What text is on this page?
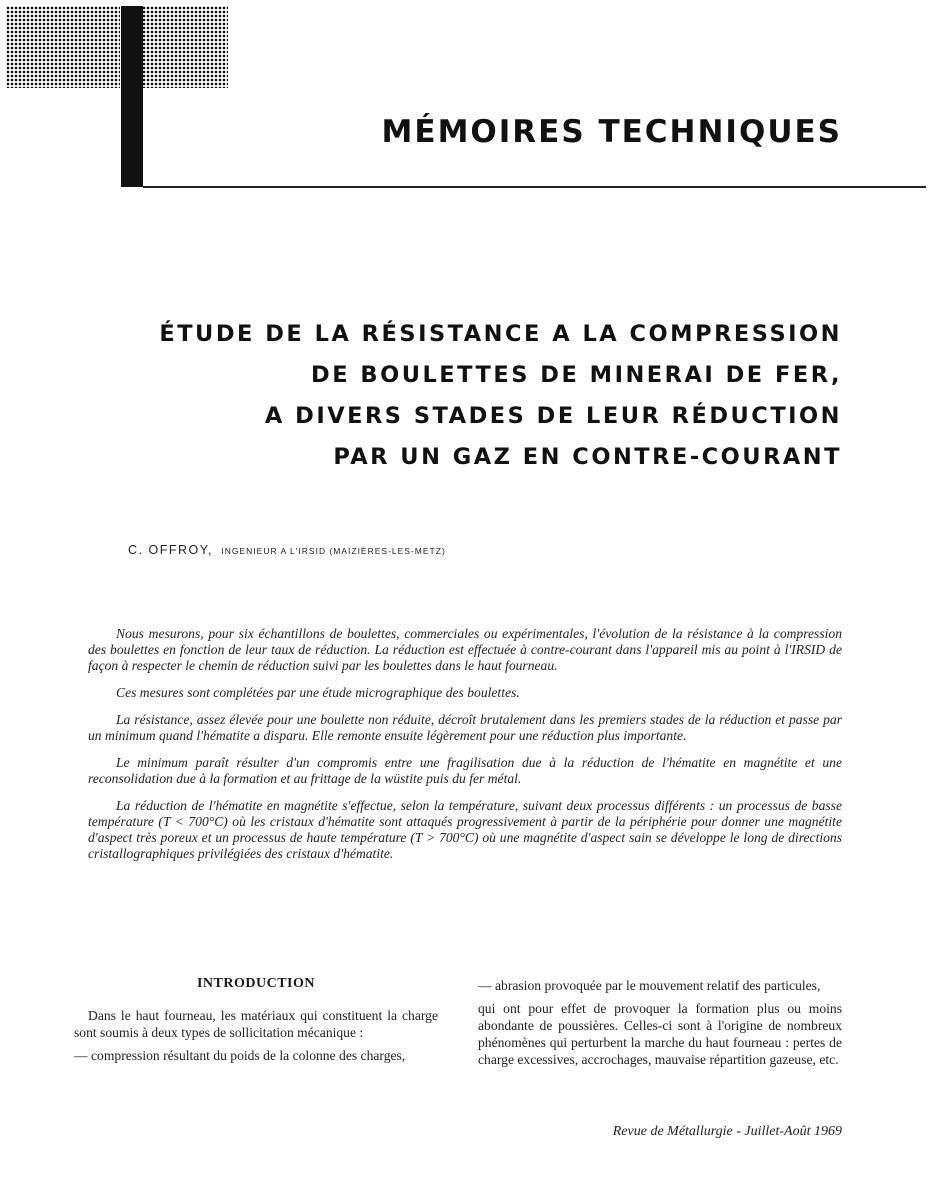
MÉMOIRES TECHNIQUES
ÉTUDE DE LA RÉSISTANCE A LA COMPRESSION
DE BOULETTES DE MINERAI DE FER,
A DIVERS STADES DE LEUR RÉDUCTION
PAR UN GAZ EN CONTRE-COURANT
C. OFFROY, INGENIEUR A L'IRSID (MAIZIÈRES-LES-METZ)

Nous mesurons, pour six échantillons de boulettes, commerciales ou expérimentales, l'évolution de la résistance à la compression des boulettes en fonction de leur taux de réduction. La réduction est effectuée à contre-courant dans l'appareil mis au point à l'IRSID de façon à respecter le chemin de réduction suivi par les boulettes dans le haut fourneau.

Ces mesures sont complétées par une étude micrographique des boulettes.

La résistance, assez élevée pour une boulette non réduite, décroît brutalement dans les premiers stades de la réduction et passe par un minimum quand l'hématite a disparu. Elle remonte ensuite légèrement pour une réduction plus importante.

Le minimum paraît résulter d'un compromis entre une fragilisation due à la réduction de l'hématite en magnétite et une reconsolidation due à la formation et au frittage de la wüstite puis du fer métal.

La réduction de l'hématite en magnétite s'effectue, selon la température, suivant deux processus différents : un processus de basse température (T < 700°C) où les cristaux d'hématite sont attaqués progressivement à partir de la périphérie pour donner une magnétite d'aspect très poreux et un processus de haute température (T > 700°C) où une magnétite d'aspect sain se développe le long de directions cristallographiques privilégiées des cristaux d'hématite.

INTRODUCTION

Dans le haut fourneau, les matériaux qui constituent la charge sont soumis à deux types de sollicitation mécanique :

— compression résultant du poids de la colonne des charges,

— abrasion provoquée par le mouvement relatif des particules,

qui ont pour effet de provoquer la formation plus ou moins abondante de poussières. Celles-ci sont à l'origine de nombreux phénomènes qui perturbent la marche du haut fourneau : pertes de charge excessives, accrochages, mauvaise répartition gazeuse, etc.

Revue de Métallurgie - Juillet-Août 1969
